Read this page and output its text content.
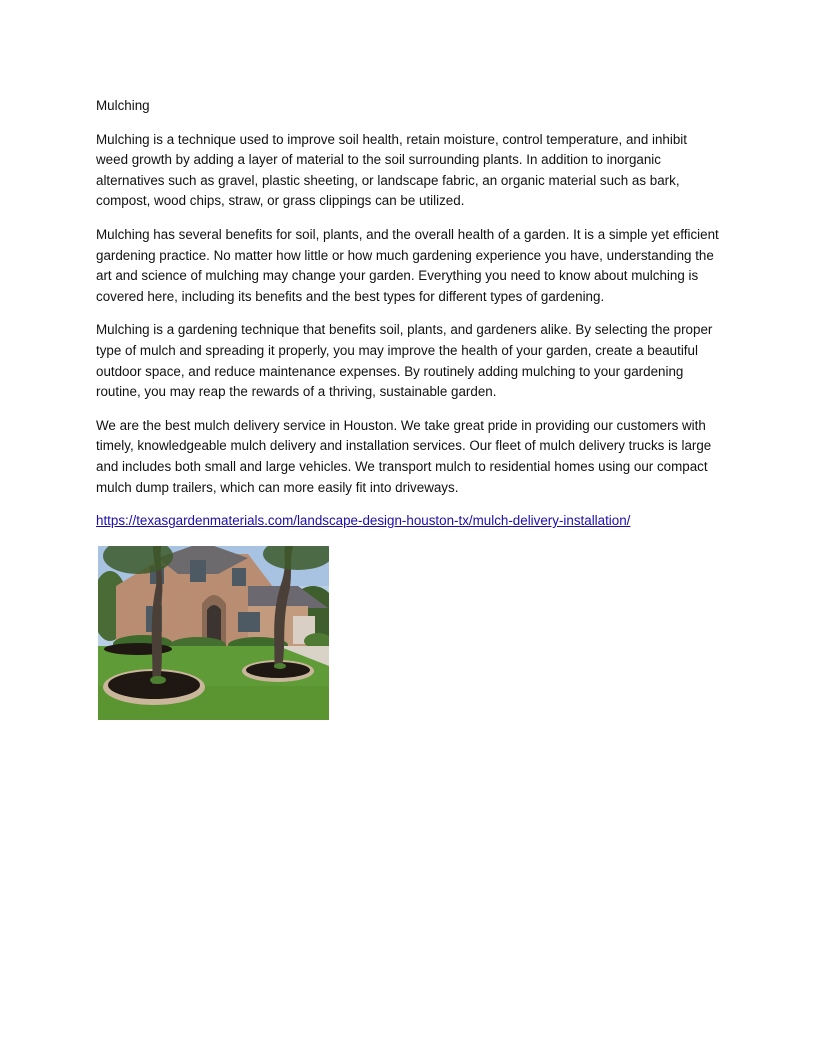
Mulching

Mulching is a technique used to improve soil health, retain moisture, control temperature, and inhibit weed growth by adding a layer of material to the soil surrounding plants. In addition to inorganic alternatives such as gravel, plastic sheeting, or landscape fabric, an organic material such as bark, compost, wood chips, straw, or grass clippings can be utilized.

Mulching has several benefits for soil, plants, and the overall health of a garden. It is a simple yet efficient gardening practice. No matter how little or how much gardening experience you have, understanding the art and science of mulching may change your garden. Everything you need to know about mulching is covered here, including its benefits and the best types for different types of gardening.

Mulching is a gardening technique that benefits soil, plants, and gardeners alike. By selecting the proper type of mulch and spreading it properly, you may improve the health of your garden, create a beautiful outdoor space, and reduce maintenance expenses. By routinely adding mulching to your gardening routine, you may reap the rewards of a thriving, sustainable garden.

We are the best mulch delivery service in Houston. We take great pride in providing our customers with timely, knowledgeable mulch delivery and installation services. Our fleet of mulch delivery trucks is large and includes both small and large vehicles. We transport mulch to residential homes using our compact mulch dump trailers, which can more easily fit into driveways.

https://texasgardenmaterials.com/landscape-design-houston-tx/mulch-delivery-installation/
